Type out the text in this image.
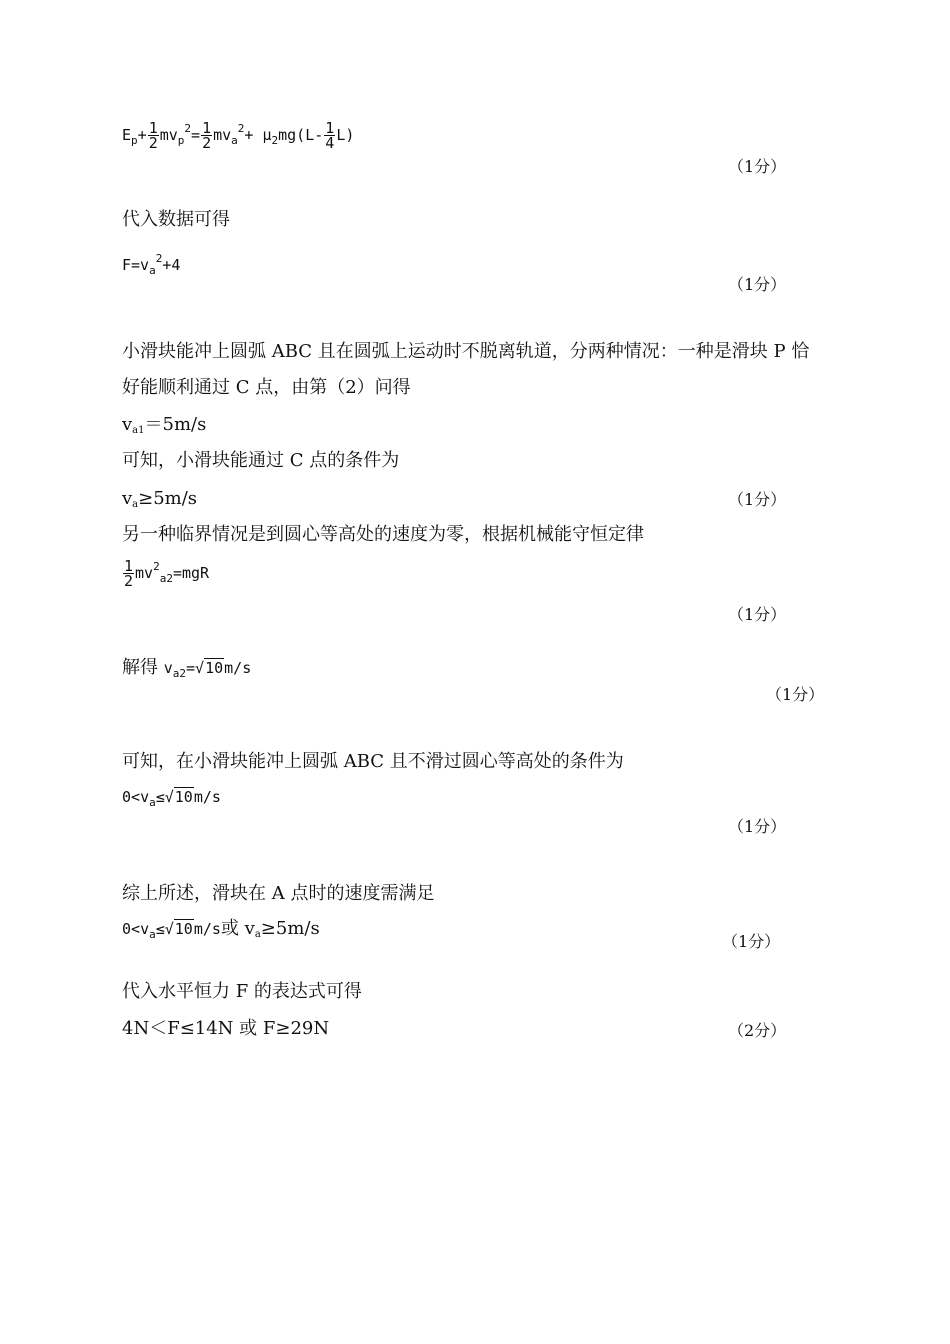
$E_p+ \frac{1}{2} mv_p^2= \frac{1}{2} mv_a^2+ \mu_2mg(L- \frac{1}{4} L)$
（1分）
代入数据可得
$F=v_a^2+4$
（1分）
小滑块能冲上圆弧 ABC 且在圆弧上运动时不脱离轨道，分两种情况：一种是滑块 P 恰
好能顺利通过 C 点，由第（2）问得
va1＝5m/s
可知，小滑块能通过 C 点的条件为
va≥5m/s	（1分）
另一种临界情况是到圆心等高处的速度为零，根据机械能守恒定律
$\frac{1}{2} mv^2_{a2}=mgR$
（1分）
解得 $v_{a2}=√10m/s$
（1分）
可知，在小滑块能冲上圆弧 ABC 且不滑过圆心等高处的条件为
$0<v_a\le√10m/s$
（1分）
综上所述，滑块在 A 点时的速度需满足
$0<v_a\le√10m/s$或 va≥5m/s
（1分）
代入水平恒力 F 的表达式可得
4N＜F≤14N 或 F≥29N	（2分）
